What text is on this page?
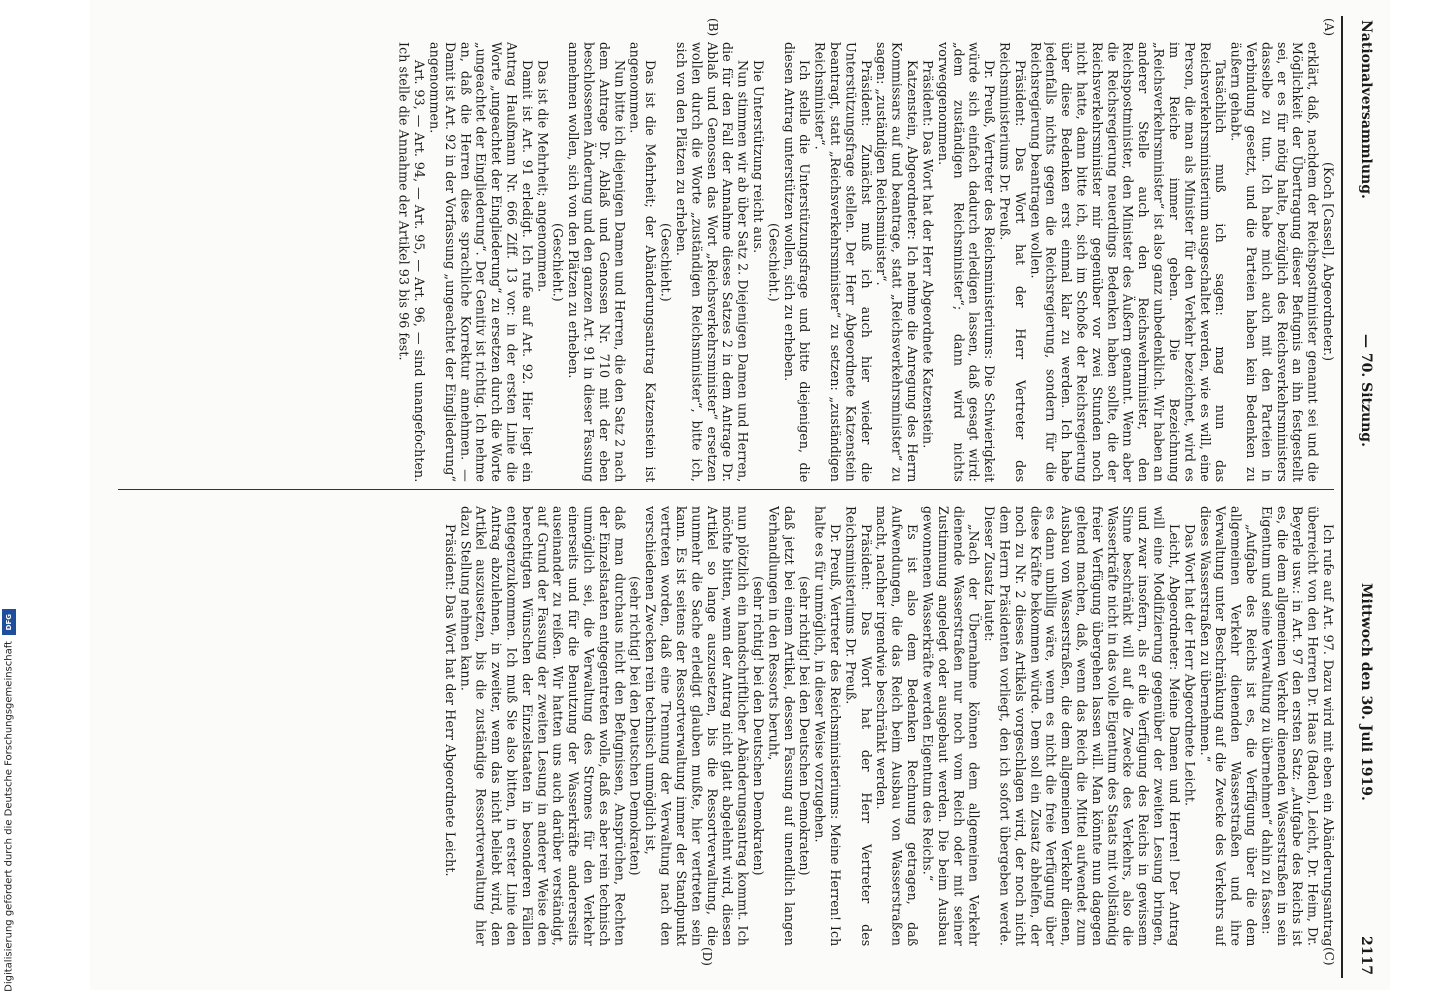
Nationalversammlung.
— 70. Sitzung.
Mittwoch den 30. Juli 1919.
2117
(A)
(B)
(C)
(D)

(Koch [Cassel], Abgeordneter.)

erklärt, daß, nachdem der Reichspostminister genannt sei und die Möglichkeit der Übertragung dieser Befugnis an ihn festgestellt sei, er es für nötig halte, bezüglich des Reichsverkehrsministers dasselbe zu tun. Ich habe mich auch mit den Parteien in Verbindung gesetzt, und die Parteien haben kein Bedenken zu äußern gehabt.

Tatsächlich muß ich sagen: mag nun das Reichsverkehrsministerium ausgeschaltet werden, wie es will, eine Person, die man als Minister für den Verkehr bezeichnet, wird es im Reiche immer geben. Die Bezeichnung „Reichsverkehrsminister“ ist also ganz unbedenklich. Wir haben an anderer Stelle auch den Reichswehrminister, den Reichspostminister, den Minister des Äußern genannt. Wenn aber die Reichsregierung neuerdings Bedenken haben sollte, die der Reichsverkehrsminister mir gegenüber vor zwei Stunden noch nicht hatte, dann bitte ich, sich im Schoße der Reichsregierung über diese Bedenken erst einmal klar zu werden. Ich habe jedenfalls nichts gegen die Reichsregierung, sondern für die Reichsregierung beantragen wollen.

Präsident: Das Wort hat der Herr Vertreter des Reichsministeriums Dr. Preuß.

Dr. Preuß, Vertreter des Reichsministeriums: Die Schwierigkeit würde sich einfach dadurch erledigen lassen, daß gesagt wird: „dem zuständigen Reichsminister“; dann wird nichts vorweggenommen.

Präsident: Das Wort hat der Herr Abgeordnete Katzenstein.

Katzenstein, Abgeordneter: Ich nehme die Anregung des Herrn Kommissars auf und beantrage, statt „Reichsverkehrsminister“ zu sagen: „zuständigen Reichsminister“.

Präsident: Zunächst muß ich auch hier wieder die Unterstützungsfrage stellen. Der Herr Abgeordnete Katzenstein beantragt, statt „Reichsverkehrsminister“ zu setzen: „zuständigen Reichsminister“.

Ich stelle die Unterstützungsfrage und bitte diejenigen, die diesen Antrag unterstützen wollen, sich zu erheben.

(Geschieht.)

Die Unterstützung reicht aus.

Nun stimmen wir ab über Satz 2. Diejenigen Damen und Herren, die für den Fall der Annahme dieses Satzes 2 in dem Antrage Dr. Ablaß und Genossen das Wort „Reichsverkehrsminister“ ersetzen wollen durch die Worte „zuständigen Reichsminister“, bitte ich, sich von den Plätzen zu erheben.

(Geschieht.)

Das ist die Mehrheit; der Abänderungsantrag Katzenstein ist angenommen.

Nun bitte ich diejenigen Damen und Herren, die den Satz 2 nach dem Antrage Dr. Ablaß und Genossen Nr. 710 mit der eben beschlossenen Änderung und den ganzen Art. 91 in dieser Fassung annehmen wollen, sich von den Plätzen zu erheben.

(Geschieht.)

Das ist die Mehrheit; angenommen.

Damit ist Art. 91 erledigt. Ich rufe auf Art. 92. Hier liegt ein Antrag Haußmann Nr. 666 Ziff. 13 vor: in der ersten Linie die Worte „ungeachtet der Eingliederung“ zu ersetzen durch die Worte „ungeachtet der Eingliederung“. Der Genitiv ist richtig. Ich nehme an, daß die Herren diese sprachliche Korrektur annehmen. — Damit ist Art. 92 in der Vorfassung „ungeachtet der Eingliederung“ angenommen.

Art. 93, — Art. 94, — Art. 95, — Art. 96, — sind unangefochten. Ich stelle die Annahme der Artikel 93 bis 96 fest.

Ich rufe auf Art. 97. Dazu wird mit eben ein Abänderungsantrag überreicht von den Herren Dr. Haas (Baden), Leicht, Dr. Heim, Dr. Beyerle usw.: in Art. 97 den ersten Satz: „Aufgabe des Reichs ist es, die dem allgemeinen Verkehr dienenden Wasserstraßen in sein Eigentum und seine Verwaltung zu übernehmen“ dahin zu fassen:

„Aufgabe des Reichs ist es, die Verfügung über die dem allgemeinen Verkehr dienenden Wasserstraßen und ihre Verwaltung unter Beschränkung auf die Zwecke des Verkehrs auf dieses Wasserstraßen zu übernehmen.“

Das Wort hat der Herr Abgeordnete Leicht.

Leicht, Abgeordneter: Meine Damen und Herren! Der Antrag will eine Modifizierung gegenüber der zweiten Lesung bringen, und zwar insofern, als er die Verfügung des Reichs in gewissem Sinne beschränkt will auf die Zwecke des Verkehrs, also die Wasserkräfte nicht in das volle Eigentum des Staats mit vollständig freier Verfügung übergehen lassen will. Man könnte nun dagegen geltend machen, daß, wenn das Reich die Mittel aufwendet zum Ausbau von Wasserstraßen, die dem allgemeinen Verkehr dienen, es dann unbillig wäre, wenn es nicht die freie Verfügung über diese Kräfte bekommen würde. Dem soll ein Zusatz abhelfen, der noch zu Nr. 2 dieses Artikels vorgeschlagen wird, der noch nicht dem Herrn Präsidenten vorliegt, den ich sofort übergeben werde. Dieser Zusatz lautet:

„Nach der Übernahme können dem allgemeinen Verkehr dienende Wasserstraßen nur noch vom Reich oder mit seiner Zustimmung angelegt oder ausgebaut werden. Die beim Ausbau gewonnenen Wasserkräfte werden Eigentum des Reichs.“

Es ist also dem Bedenken Rechnung getragen, daß Aufwendungen, die das Reich beim Ausbau von Wasserstraßen macht, nachher irgendwie beschränkt werden.

Präsident: Das Wort hat der Herr Vertreter des Reichsministeriums Dr. Preuß.

Dr. Preuß, Vertreter des Reichsministeriums: Meine Herren! Ich halte es für unmöglich, in dieser Weise vorzugehen.

(sehr richtig! bei den Deutschen Demokraten)

daß jetzt bei einem Artikel, dessen Fassung auf unendlich langen Verhandlungen in den Ressorts beruht,

(sehr richtig! bei den Deutschen Demokraten)

nun plötzlich ein handschriftlicher Abänderungsantrag kommt. Ich möchte bitten, wenn der Antrag nicht glatt abgelehnt wird, diesen Artikel so lange auszusetzen, bis die Ressortverwaltung, die nunmehr die Sache erledigt glauben mußte, hier vertreten sein kann. Es ist seitens der Ressortverwaltung immer der Standpunkt vertreten worden, daß eine Trennung der Verwaltung nach den verschiedenen Zwecken rein technisch unmöglich ist,

(sehr richtig! bei den Deutschen Demokraten)

daß man durchaus nicht den Befugnissen, Ansprüchen, Rechten der Einzelstaaten entgegentreten wolle, daß es aber rein technisch unmöglich sei, die Verwaltung des Stromes für den Verkehr einerseits und für die Benutzung der Wasserkräfte andererseits auseinander zu reißen. Wir hatten uns auch darüber verständigt, auf Grund der Fassung der zweiten Lesung in anderer Weise den berechtigten Wünschen der Einzelstaaten in besonderen Fällen entgegenzukommen. Ich muß Sie also bitten, in erster Linie den Antrag abzulehnen, in zweiter, wenn das nicht beliebt wird, den Artikel auszusetzen, bis die zuständige Ressortverwaltung hier dazu Stellung nehmen kann.

Präsident: Das Wort hat der Herr Abgeordnete Leicht.

Digitalisierung gefördert durch die Deutsche Forschungsgemeinschaft
DFG
